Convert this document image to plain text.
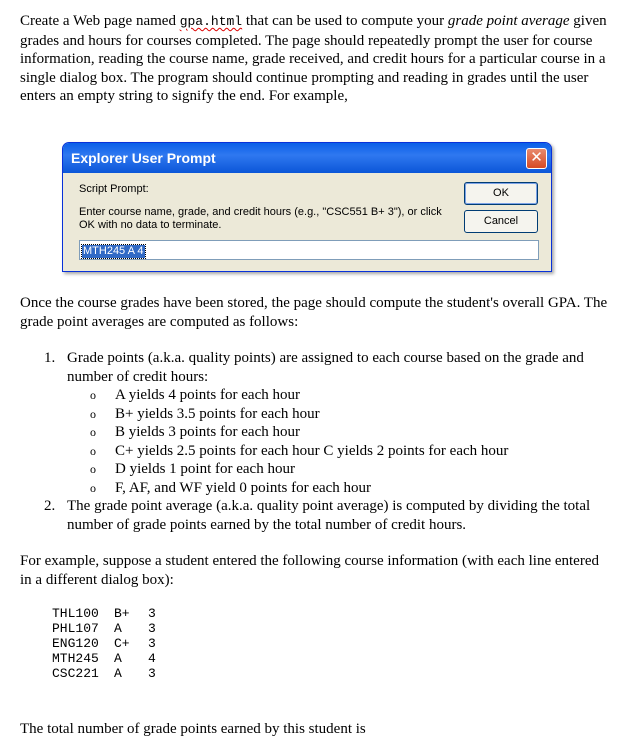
Create a Web page named gpa.html that can be used to compute your grade point average given grades and hours for courses completed. The page should repeatedly prompt the user for course information, reading the course name, grade received, and credit hours for a particular course in a single dialog box. The program should continue prompting and reading in grades until the user enters an empty string to signify the end. For example,

Explorer User Prompt	✕
Script Prompt:
Enter course name, grade, and credit hours (e.g., "CSC551 B+ 3"), or click OK with no data to terminate.
OK
Cancel
MTH245 A 4

Once the course grades have been stored, the page should compute the student's overall GPA. The grade point averages are computed as follows:

1. Grade points (a.k.a. quality points) are assigned to each course based on the grade and number of credit hours:
o A yields 4 points for each hour
o B+ yields 3.5 points for each hour
o B yields 3 points for each hour
o C+ yields 2.5 points for each hour C yields 2 points for each hour
o D yields 1 point for each hour
o F, AF, and WF yield 0 points for each hour
2. The grade point average (a.k.a. quality point average) is computed by dividing the total number of grade points earned by the total number of credit hours.

For example, suppose a student entered the following course information (with each line entered in a different dialog box):

THL100 B+ 3
PHL107 A 3
ENG120 C+ 3
MTH245 A 4
CSC221 A 3

The total number of grade points earned by this student is
